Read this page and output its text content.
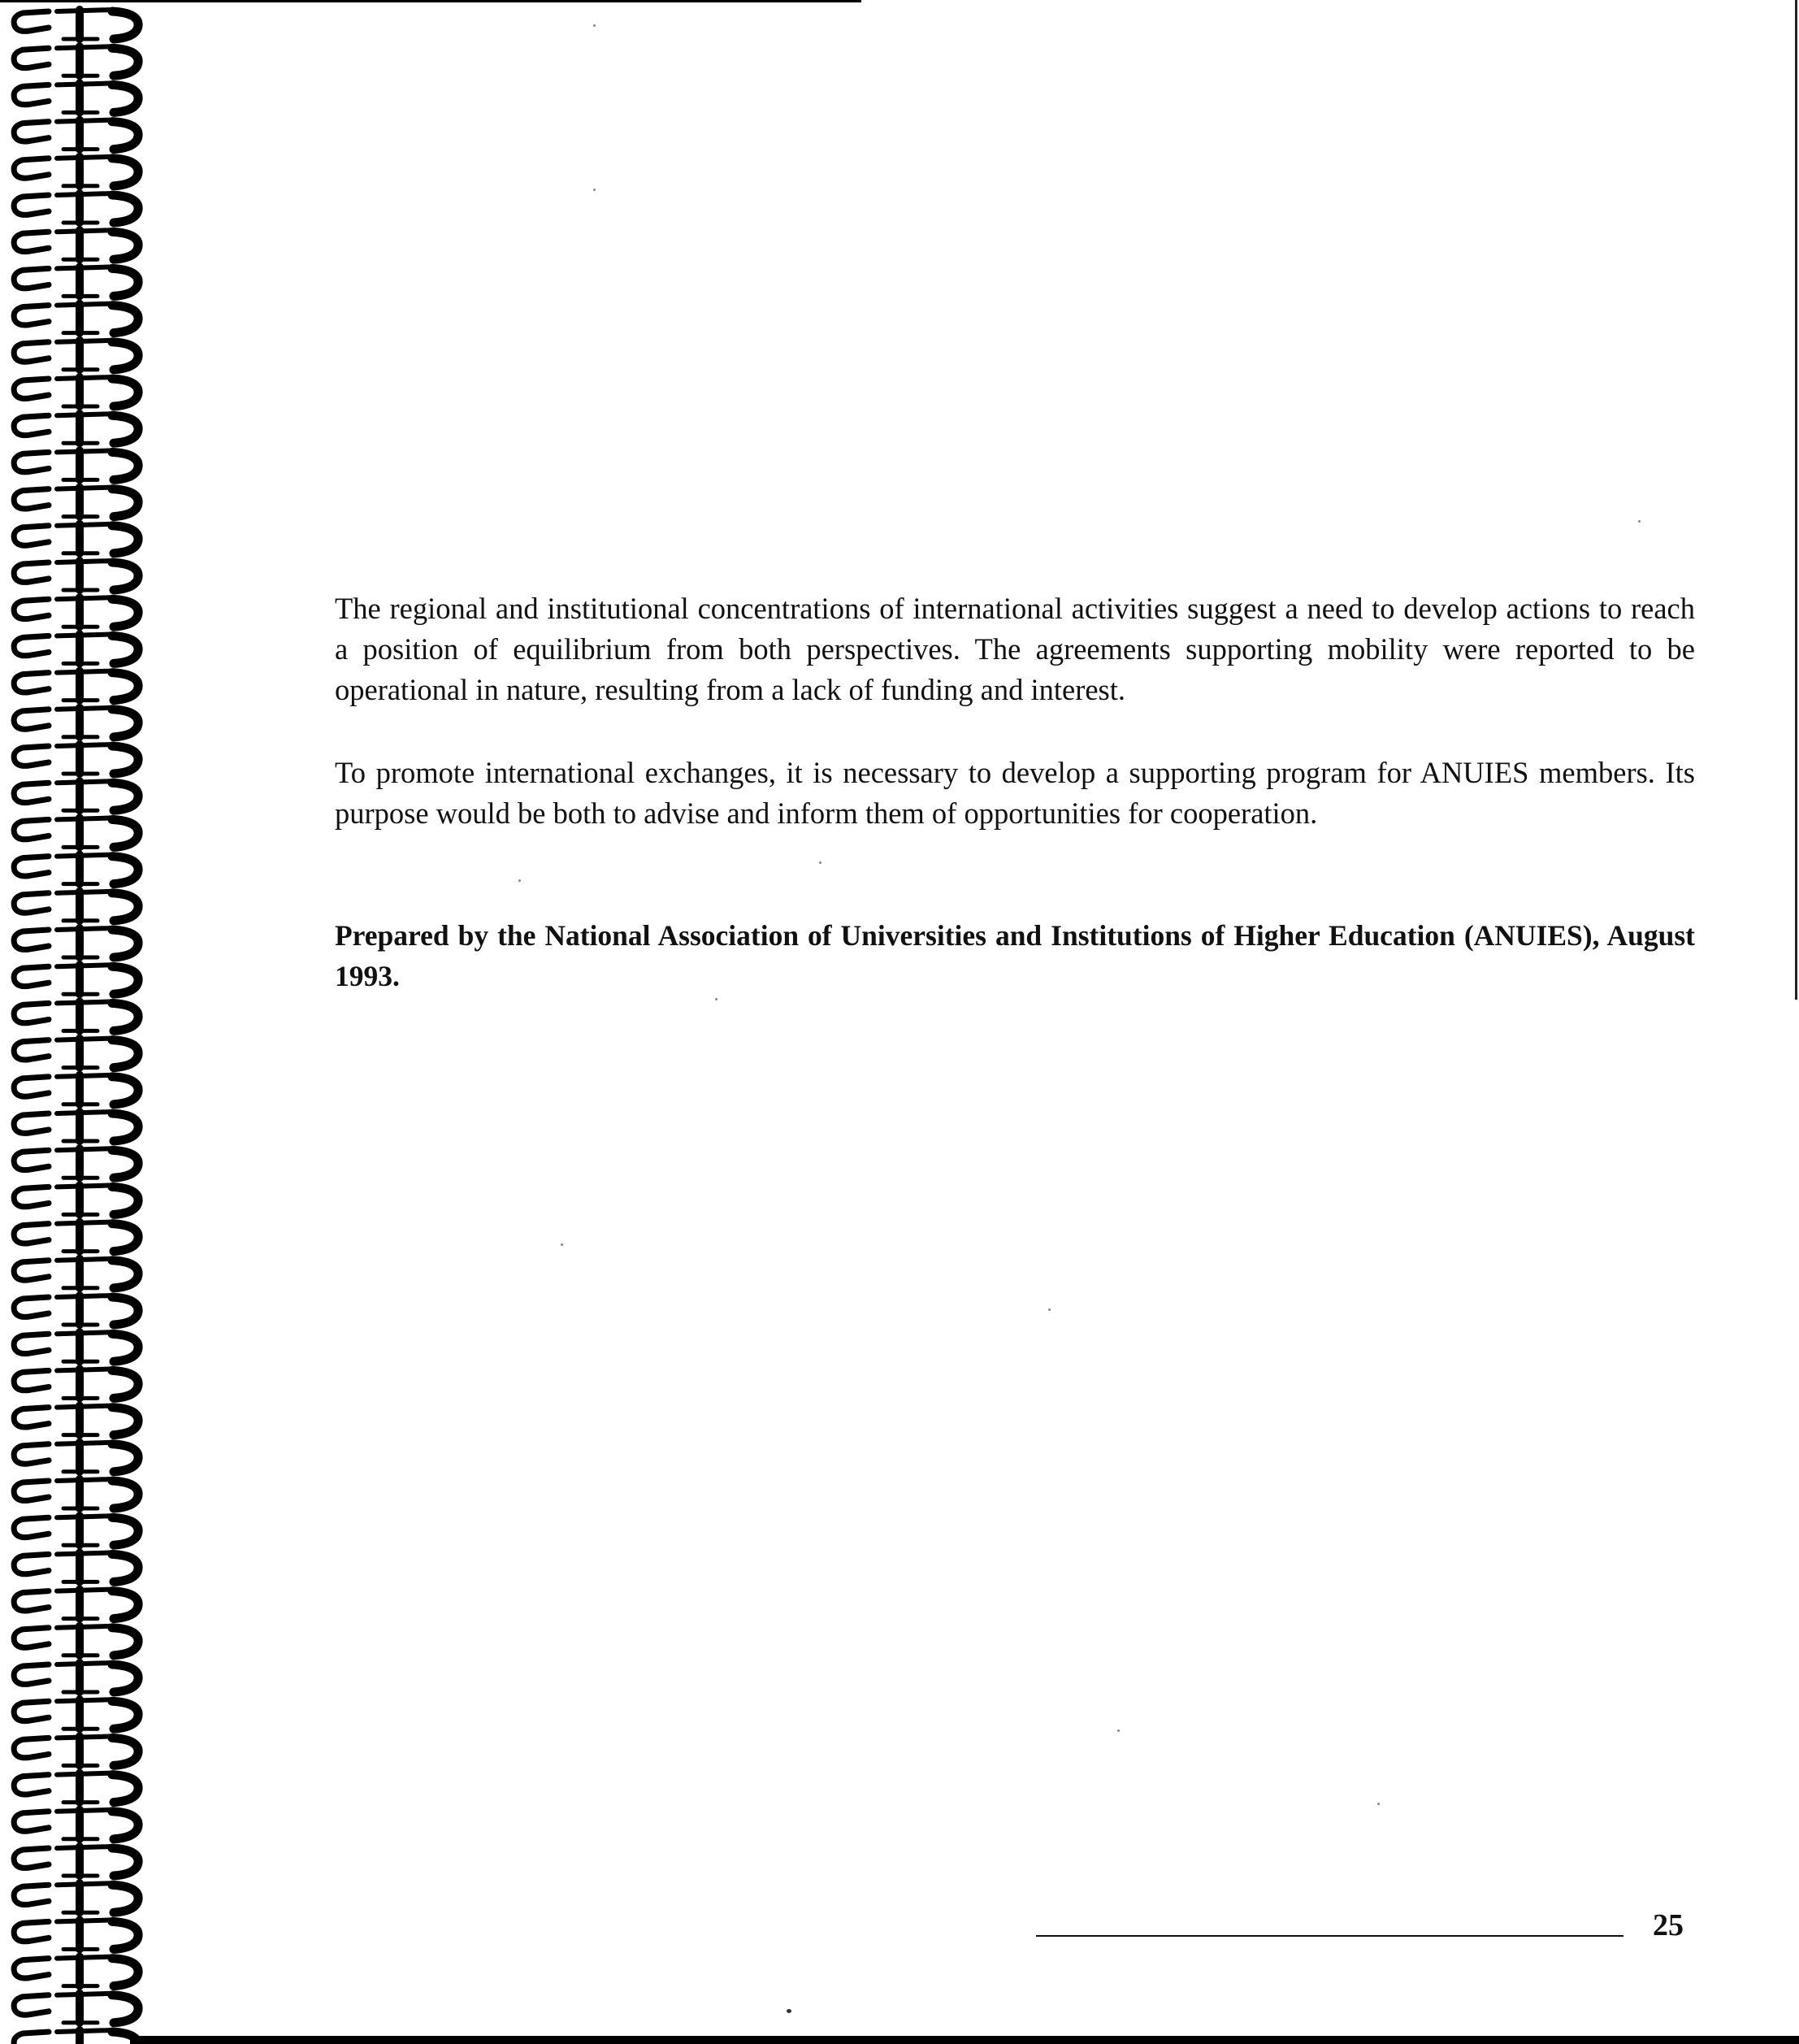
The regional and institutional concentrations of international activities suggest a need to develop actions to reach a position of equilibrium from both perspectives. The agreements supporting mobility were reported to be operational in nature, resulting from a lack of funding and interest.

To promote international exchanges, it is necessary to develop a supporting program for ANUIES members. Its purpose would be both to advise and inform them of opportunities for cooperation.

Prepared by the National Association of Universities and Institutions of Higher Education (ANUIES), August 1993.

25
